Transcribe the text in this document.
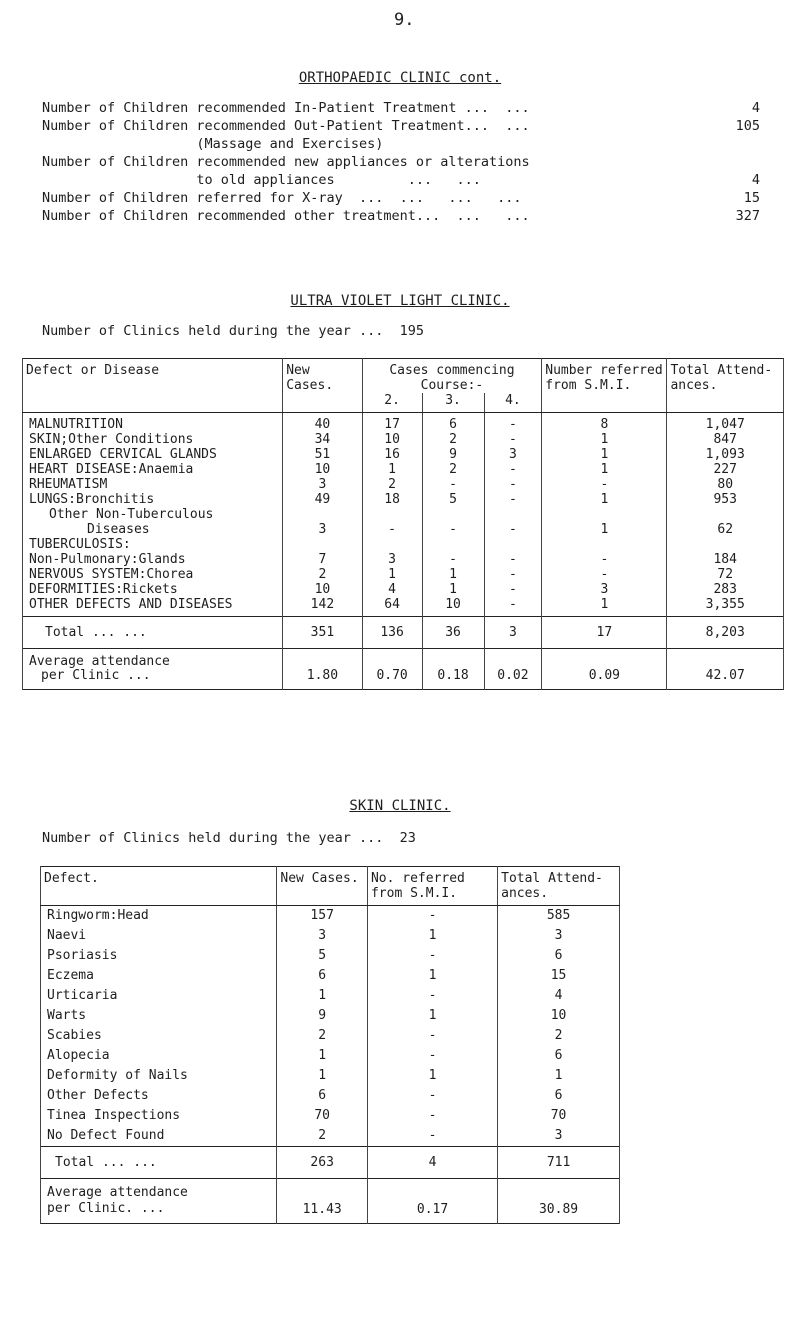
9.
ORTHOPAEDIC CLINIC cont.
Number of Children recommended In-Patient Treatment ...  ...	4
Number of Children recommended Out-Patient Treatment...  ...	105
(Massage and Exercises)
Number of Children recommended new appliances or alterations
to old appliances         ...   ...	4
Number of Children referred for X-ray  ...  ...   ...   ...	15
Number of Children recommended other treatment...  ...   ...	327
ULTRA VIOLET LIGHT CLINIC.
Number of Clinics held during the year ...  195
Defect or Disease	New Cases.	Cases commencing Course:-			Number referred from S.M.I.	Total Attend-ances.
		2.	3.	4.		
MALNUTRITION	40	17	6	-	8	1,047
SKIN;Other Conditions	34	10	2	-	1	847
ENLARGED CERVICAL GLANDS	51	16	9	3	1	1,093
HEART DISEASE:Anaemia	10	1	2	-	1	227
RHEUMATISM	3	2	-	-	-	80
LUNGS:Bronchitis	49	18	5	-	1	953
Other Non-Tuberculous						
Diseases	3	-	-	-	1	62
TUBERCULOSIS:						
Non-Pulmonary:Glands	7	3	-	-	-	184
NERVOUS SYSTEM:Chorea	2	1	1	-	-	72
DEFORMITIES:Rickets	10	4	1	-	3	283
OTHER DEFECTS AND DISEASES	142	64	10	-	1	3,355
Total ... ...	351	136	36	3	17	8,203

Average attendance
per Clinic ...	1.80	0.70	0.18	0.02	0.09	42.07
SKIN CLINIC.
Number of Clinics held during the year ...  23
Defect.	New Cases.	No. referred from S.M.I.	Total Attend-ances.
Ringworm:Head	157	-	585
Naevi	3	1	3
Psoriasis	5	-	6
Eczema	6	1	15
Urticaria	1	-	4
Warts	9	1	10
Scabies	2	-	2
Alopecia	1	-	6
Deformity of Nails	1	1	1
Other Defects	6	-	6
Tinea Inspections	70	-	70
No Defect Found	2	-	3
Total ... ...	263	4	711

Average attendance
per Clinic. ...	11.43	0.17	30.89
